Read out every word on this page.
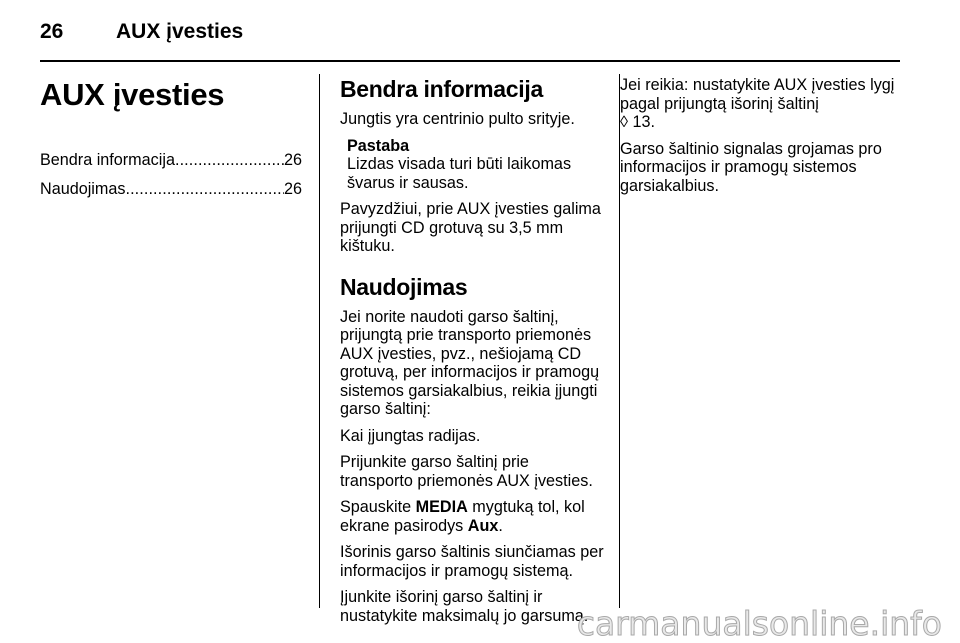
26	AUX įvesties
AUX įvesties
Bendra informacija . . .	26
Naudojimas . . .	26
Bendra informacija

Jungtis yra centrinio pulto srityje.

Pastaba
Lizdas visada turi būti laikomas švarus ir sausas.

Pavyzdžiui, prie AUX įvesties galima prijungti CD grotuvą su 3,5 mm kištuku.

Naudojimas

Jei norite naudoti garso šaltinį, prijungtą prie transporto priemonės AUX įvesties, pvz., nešiojamą CD grotuvą, per informacijos ir pramogų sistemos garsiakalbius, reikia įjungti garso šaltinį:

Kai įjungtas radijas.

Prijunkite garso šaltinį prie transporto priemonės AUX įvesties.

Spauskite MEDIA mygtuką tol, kol ekrane pasirodys Aux.

Išorinis garso šaltinis siunčiamas per informacijos ir pramogų sistemą.

Įjunkite išorinį garso šaltinį ir nustatykite maksimalų jo garsumą.

Jei reikia: nustatykite AUX įvesties lygį pagal prijungtą išorinį šaltinį
◊ 13.

Garso šaltinio signalas grojamas pro informacijos ir pramogų sistemos garsiakalbius.

carmanualsonline.info
